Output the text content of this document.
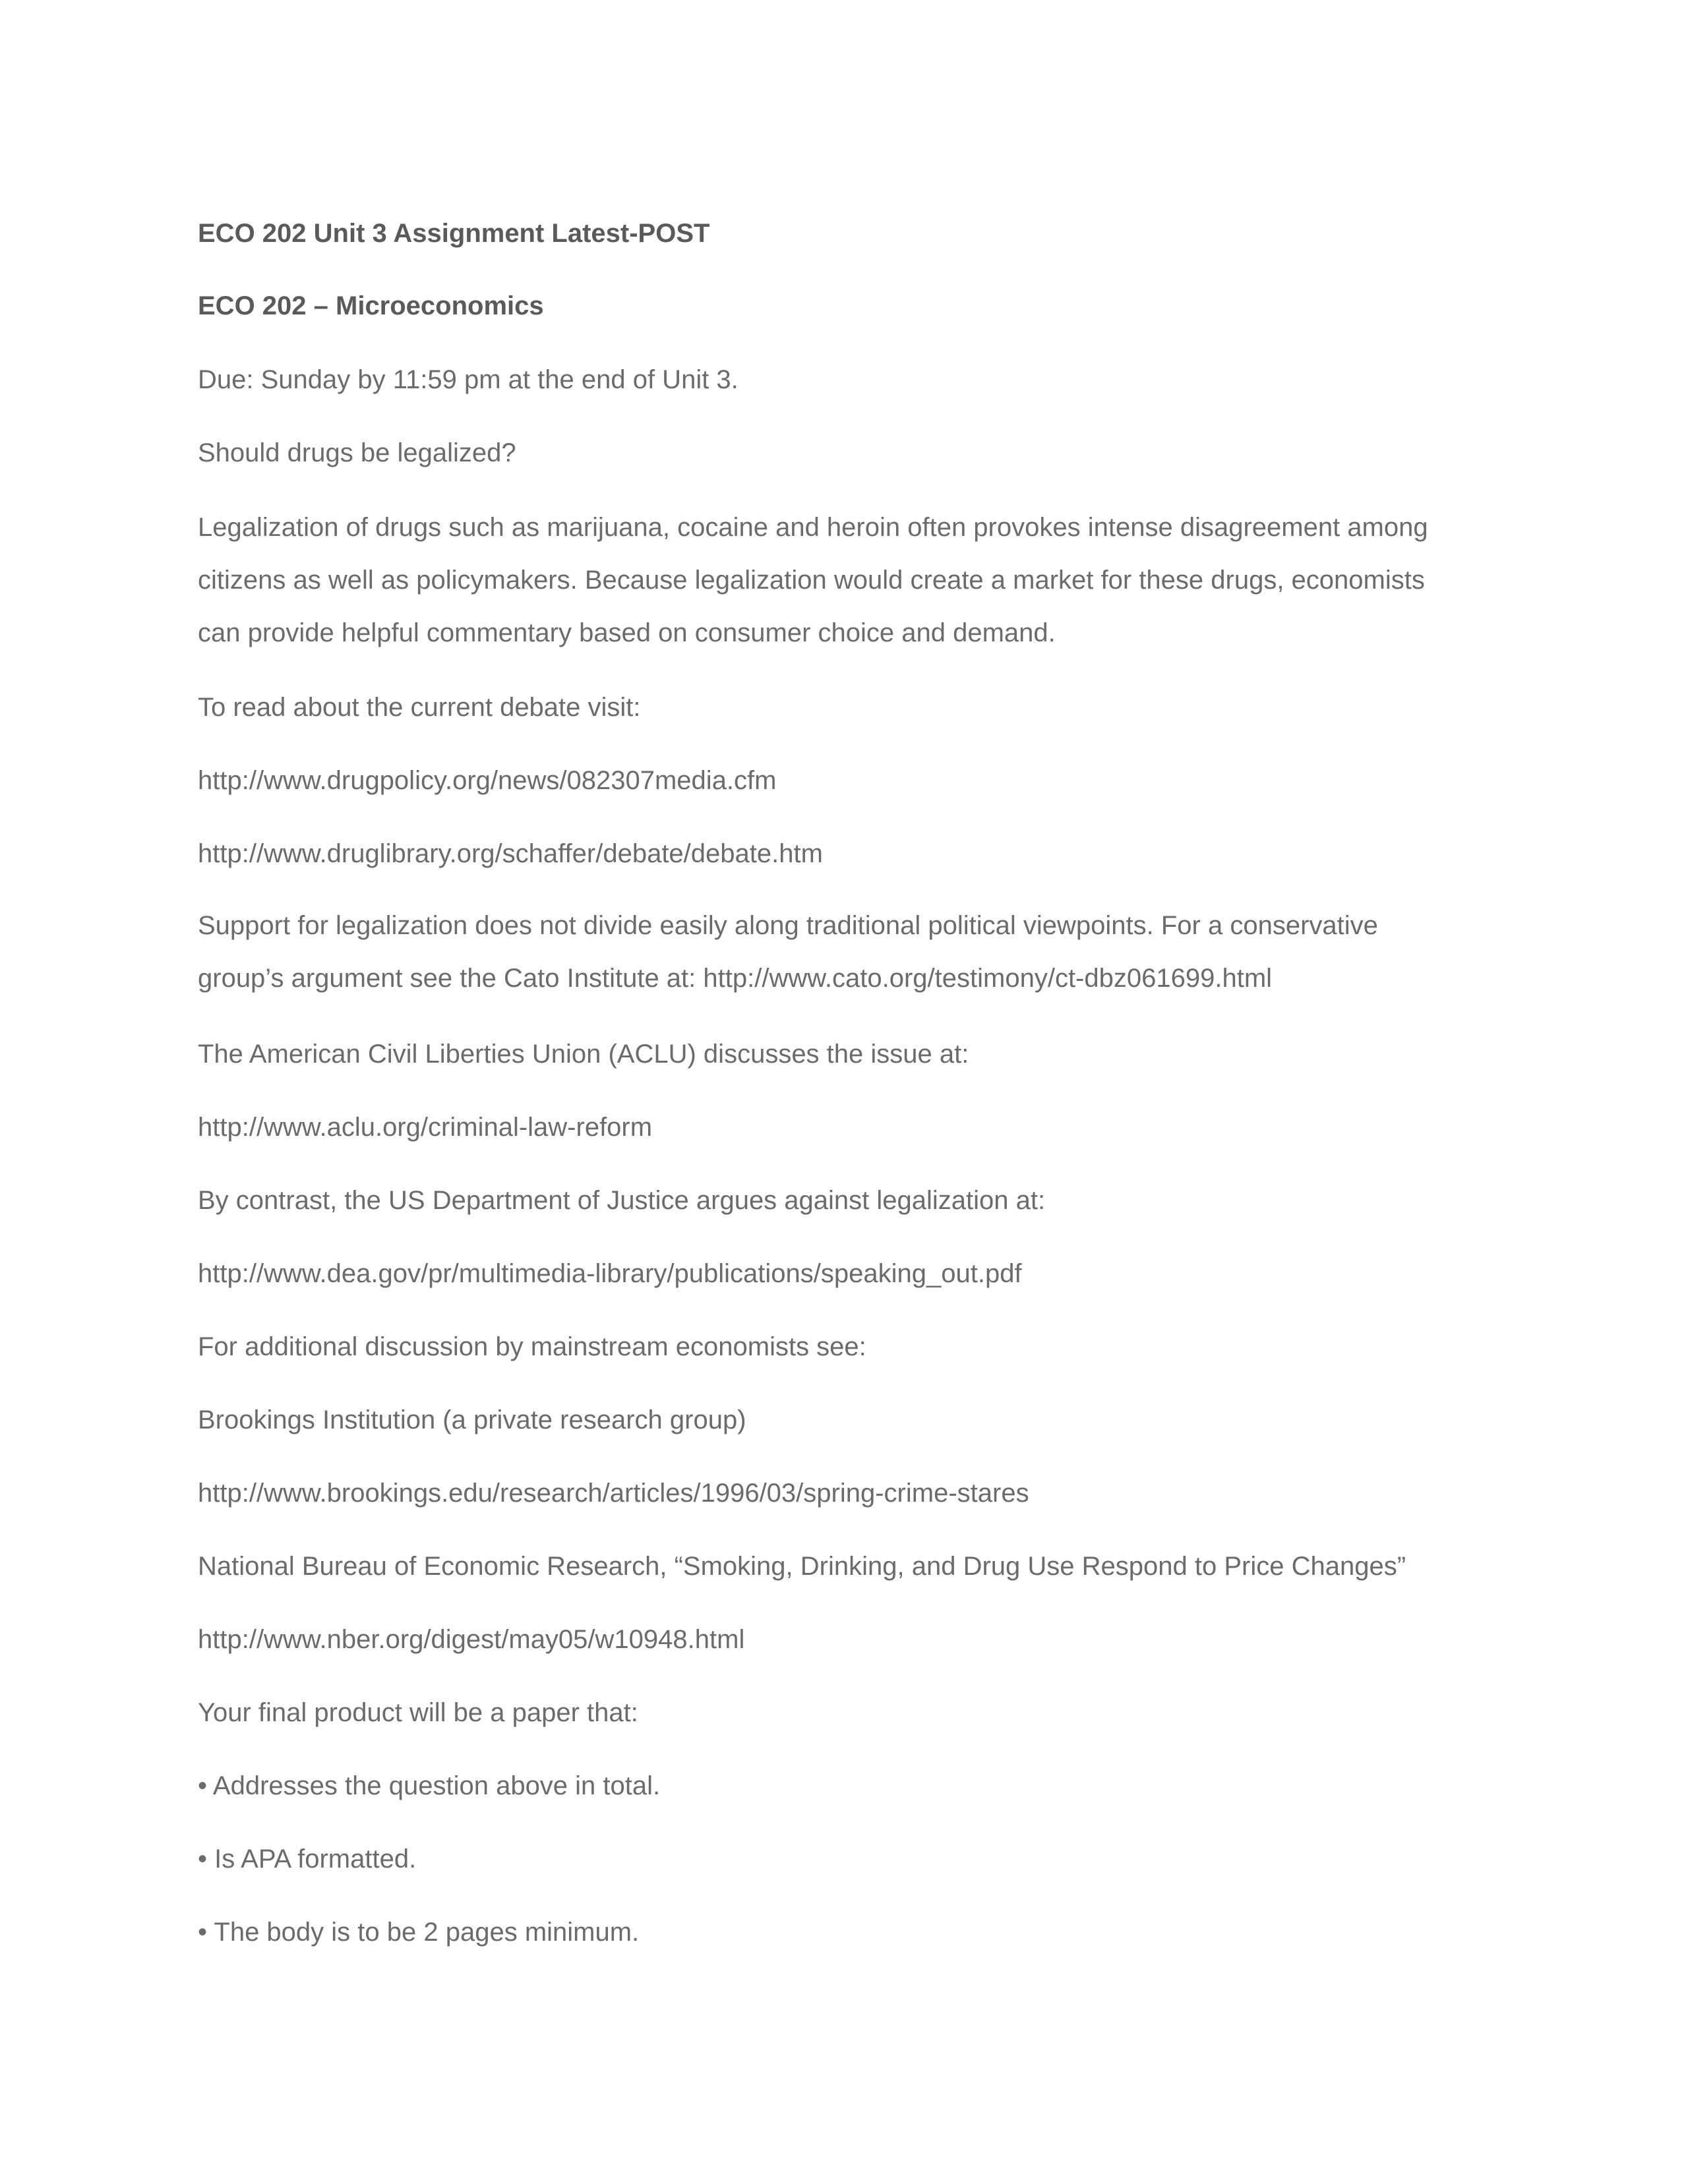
ECO 202 Unit 3 Assignment Latest-POST
ECO 202 – Microeconomics
Due: Sunday by 11:59 pm at the end of Unit 3.
Should drugs be legalized?
Legalization of drugs such as marijuana, cocaine and heroin often provokes intense disagreement among
citizens as well as policymakers. Because legalization would create a market for these drugs, economists
can provide helpful commentary based on consumer choice and demand.
To read about the current debate visit:
http://www.drugpolicy.org/news/082307media.cfm
http://www.druglibrary.org/schaffer/debate/debate.htm
Support for legalization does not divide easily along traditional political viewpoints. For a conservative
group’s argument see the Cato Institute at: http://www.cato.org/testimony/ct-dbz061699.html
The American Civil Liberties Union (ACLU) discusses the issue at:
http://www.aclu.org/criminal-law-reform
By contrast, the US Department of Justice argues against legalization at:
http://www.dea.gov/pr/multimedia-library/publications/speaking_out.pdf
For additional discussion by mainstream economists see:
Brookings Institution (a private research group)
http://www.brookings.edu/research/articles/1996/03/spring-crime-stares
National Bureau of Economic Research, “Smoking, Drinking, and Drug Use Respond to Price Changes”
http://www.nber.org/digest/may05/w10948.html
Your final product will be a paper that:
• Addresses the question above in total.
• Is APA formatted.
• The body is to be 2 pages minimum.
